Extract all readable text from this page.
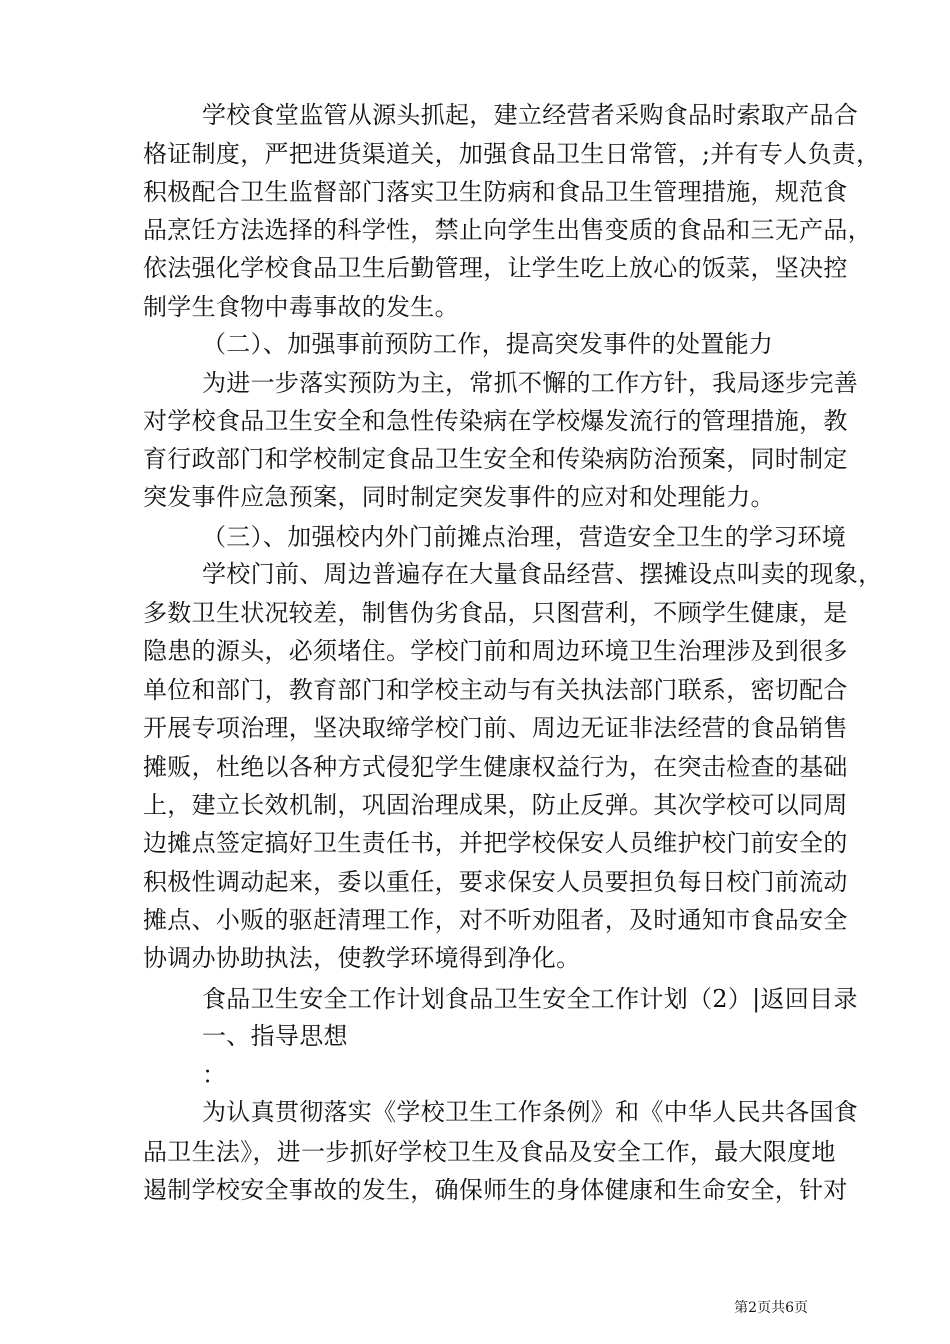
学校食堂监管从源头抓起，建立经营者采购食品时索取产品合
格证制度，严把进货渠道关，加强食品卫生日常管，;并有专人负责，
积极配合卫生监督部门落实卫生防病和食品卫生管理措施，规范食
品烹饪方法选择的科学性，禁止向学生出售变质的食品和三无产品，
依法强化学校食品卫生后勤管理，让学生吃上放心的饭菜，坚决控
制学生食物中毒事故的发生。
（二）、加强事前预防工作，提高突发事件的处置能力
为进一步落实预防为主，常抓不懈的工作方针，我局逐步完善
对学校食品卫生安全和急性传染病在学校爆发流行的管理措施，教
育行政部门和学校制定食品卫生安全和传染病防治预案，同时制定
突发事件应急预案，同时制定突发事件的应对和处理能力。
（三）、加强校内外门前摊点治理，营造安全卫生的学习环境
学校门前、周边普遍存在大量食品经营、摆摊设点叫卖的现象，
多数卫生状况较差，制售伪劣食品，只图营利，不顾学生健康，是
隐患的源头，必须堵住。学校门前和周边环境卫生治理涉及到很多
单位和部门，教育部门和学校主动与有关执法部门联系，密切配合
开展专项治理，坚决取缔学校门前、周边无证非法经营的食品销售
摊贩，杜绝以各种方式侵犯学生健康权益行为，在突击检查的基础
上，建立长效机制，巩固治理成果，防止反弹。其次学校可以同周
边摊点签定搞好卫生责任书，并把学校保安人员维护校门前安全的
积极性调动起来，委以重任，要求保安人员要担负每日校门前流动
摊点、小贩的驱赶清理工作，对不听劝阻者，及时通知市食品安全
协调办协助执法，使教学环境得到净化。
食品卫生安全工作计划食品卫生安全工作计划（2）|返回目录
一、指导思想
：
为认真贯彻落实《学校卫生工作条例》和《中华人民共各国食
品卫生法》，进一步抓好学校卫生及食品及安全工作，最大限度地
遏制学校安全事故的发生，确保师生的身体健康和生命安全，针对
第2页共6页
